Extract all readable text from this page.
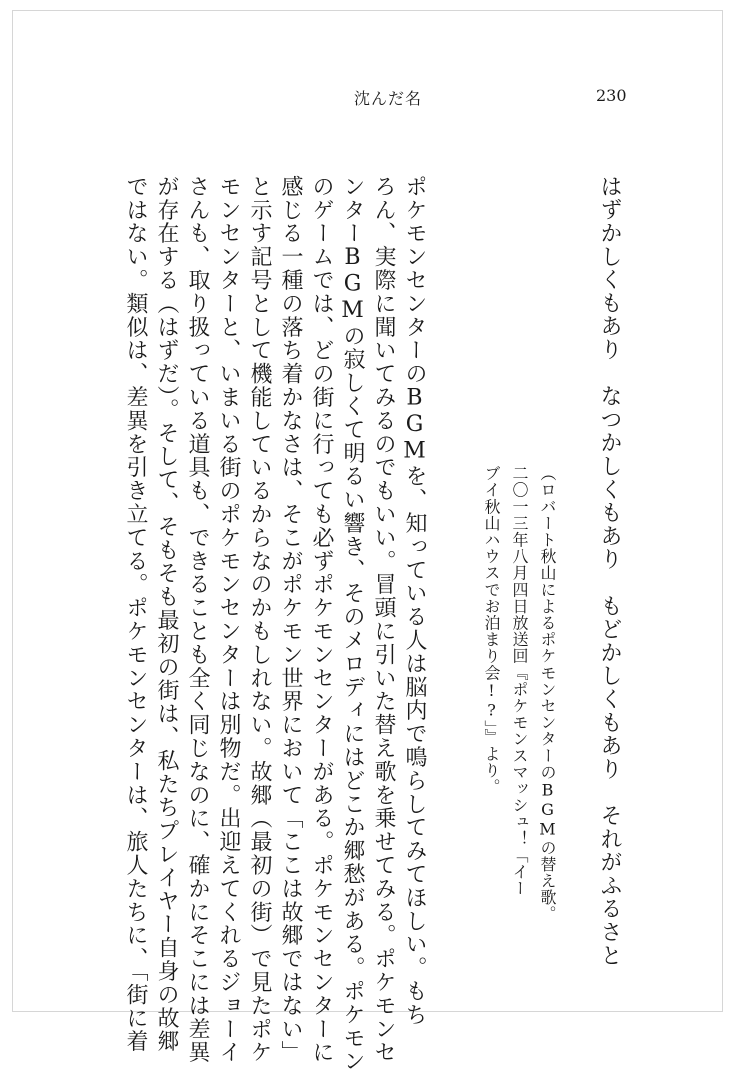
沈んだ名	230
はずかしくもあり　なつかしくもあり　もどかしくもあり　それがふるさと
（ロバート秋山によるポケモンセンターのBGMの替え歌。
二〇一三年八月四日放送回『ポケモンスマッシュ！「イー
ブイ秋山ハウスでお泊まり会!?」』より。
ポケモンセンターのBGMを、知っている人は脳内で鳴らしてみてほしい。もち
ろん、実際に聞いてみるのでもいい。冒頭に引いた替え歌を乗せてみる。ポケモンセ
ンターBGMの寂しくて明るい響き、そのメロディにはどこか郷愁がある。ポケモン
のゲームでは、どの街に行っても必ずポケモンセンターがある。ポケモンセンターに
感じる一種の落ち着かなさは、そこがポケモン世界において「ここは故郷ではない」
と示す記号として機能しているからなのかもしれない。故郷（最初の街）で見たポケ
モンセンターと、いまいる街のポケモンセンターは別物だ。出迎えてくれるジョーイ
さんも、取り扱っている道具も、できることも全く同じなのに、確かにそこには差異
が存在する（はずだ）。そして、そもそも最初の街は、私たちプレイヤー自身の故郷
ではない。類似は、差異を引き立てる。ポケモンセンターは、旅人たちに、「街に着
